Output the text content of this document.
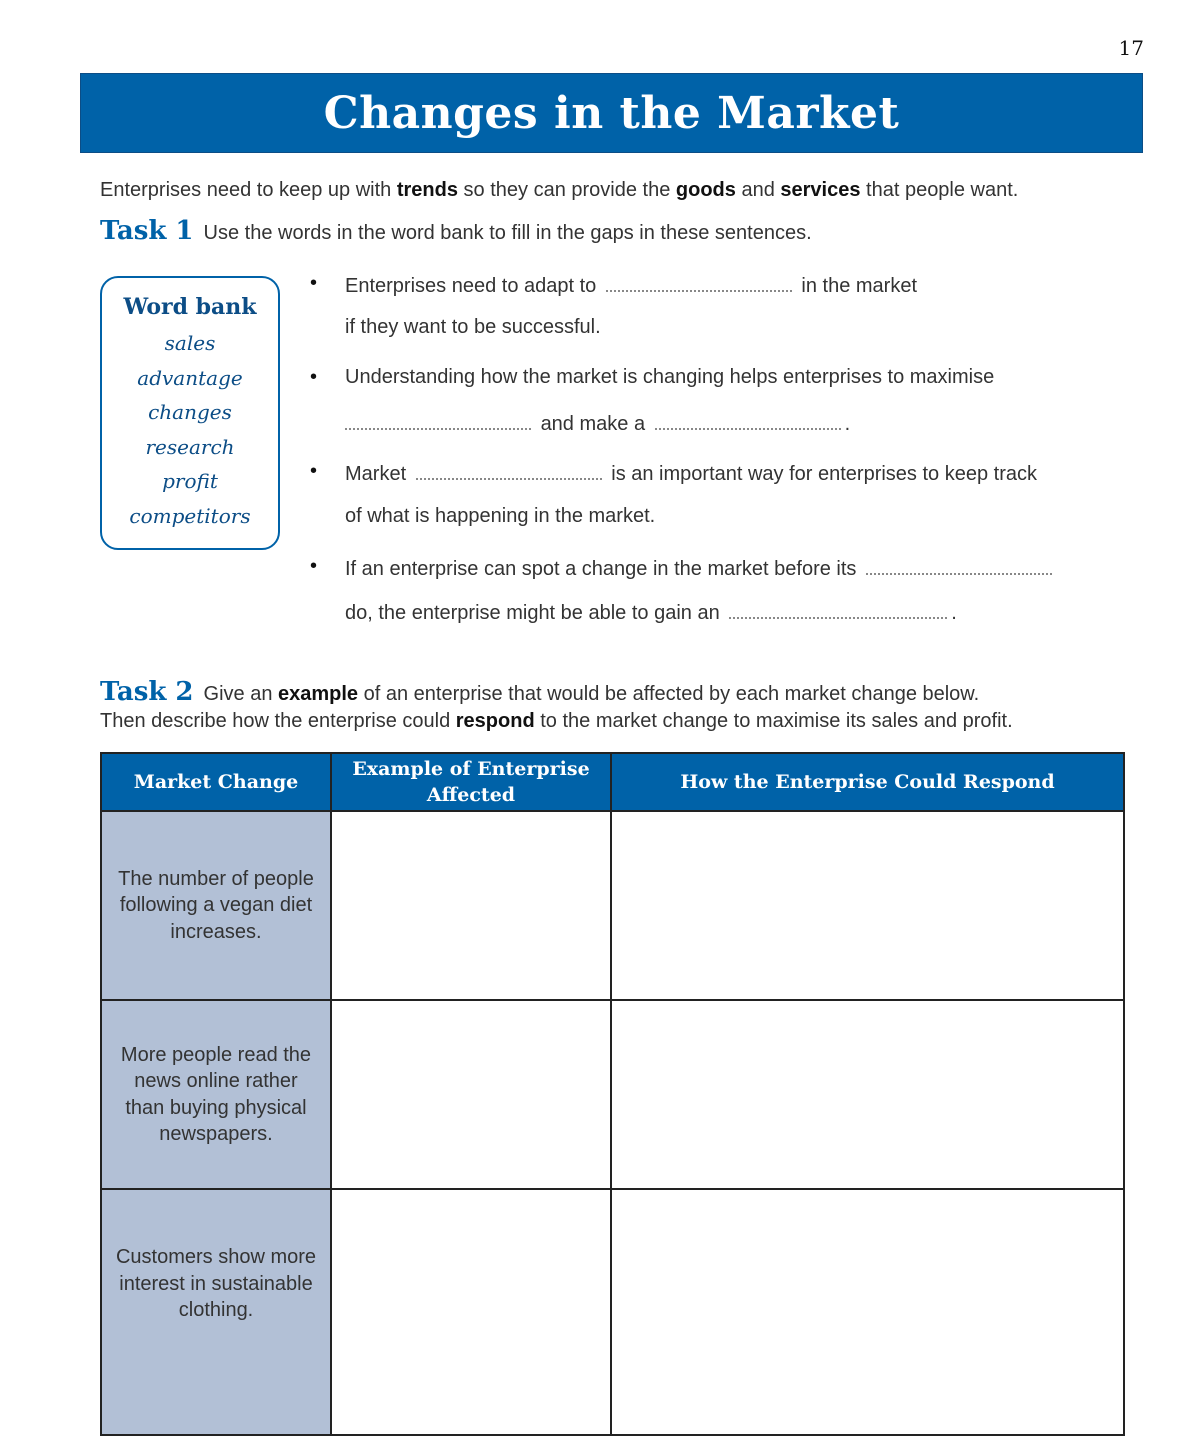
17
Changes in the Market
Enterprises need to keep up with trends so they can provide the goods and services that people want.
Task 1 Use the words in the word bank to fill in the gaps in these sentences.
Word bank
sales
advantage
changes
research
profit
competitors
• Enterprises need to adapt to	in the market
if they want to be successful.
• Understanding how the market is changing helps enterprises to maximise
and make a	.
• Market	is an important way for enterprises to keep track
of what is happening in the market.
• If an enterprise can spot a change in the market before its
do, the enterprise might be able to gain an	.
Task 2 Give an example of an enterprise that would be affected by each market change below.
Then describe how the enterprise could respond to the market change to maximise its sales and profit.
Market Change	Example of Enterprise Affected	How the Enterprise Could Respond
The number of people following a vegan diet increases.		
More people read the news online rather than buying physical newspapers.		
Customers show more interest in sustainable clothing.		
